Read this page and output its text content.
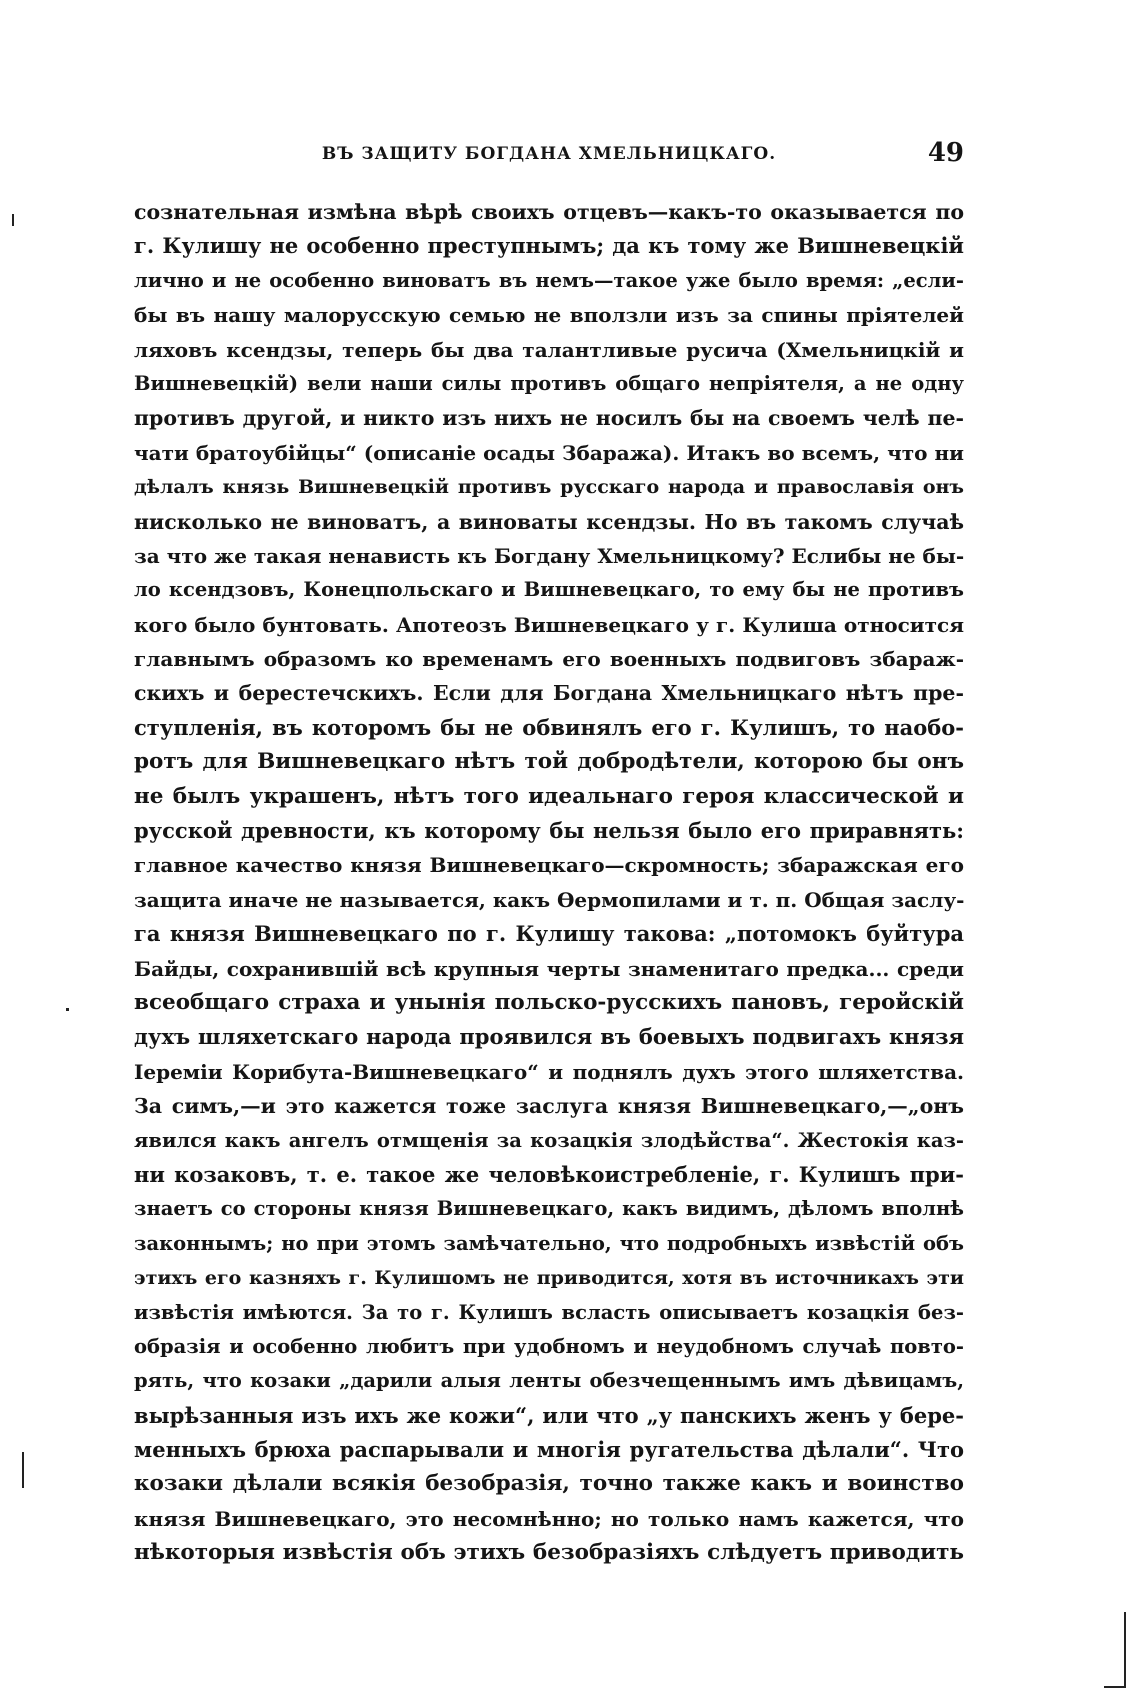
ВЪ ЗАЩИТУ БОГДАНА ХМЕЛЬНИЦКАГО.	49
сознательная измѣна вѣрѣ своихъ отцевъ—какъ-то оказывается по
г. Кулишу не особенно преступнымъ; да къ тому же Вишневецкій
лично и не особенно виноватъ въ немъ—такое уже было время: „если-
бы въ нашу малорусскую семью не вползли изъ за спины пріятелей
ляховъ ксендзы, теперь бы два талантливые русича (Хмельницкій и
Вишневецкій) вели наши силы противъ общаго непріятеля, а не одну
противъ другой, и никто изъ нихъ не носилъ бы на своемъ челѣ пе-
чати братоубійцы“ (описаніе осады Збаража). Итакъ во всемъ, что ни
дѣлалъ князь Вишневецкій противъ русскаго народа и православія онъ
нисколько не виноватъ, а виноваты ксендзы. Но въ такомъ случаѣ
за что же такая ненависть къ Богдану Хмельницкому? Еслибы не бы-
ло ксендзовъ, Конецпольскаго и Вишневецкаго, то ему бы не противъ
кого было бунтовать. Апотеозъ Вишневецкаго у г. Кулиша относится
главнымъ образомъ ко временамъ его военныхъ подвиговъ збараж-
скихъ и берестечскихъ. Если для Богдана Хмельницкаго нѣтъ пре-
ступленія, въ которомъ бы не обвинялъ его г. Кулишъ, то наобо-
ротъ для Вишневецкаго нѣтъ той добродѣтели, которою бы онъ
не былъ украшенъ, нѣтъ того идеальнаго героя классической и
русской древности, къ которому бы нельзя было его приравнять:
главное качество князя Вишневецкаго—скромность; збаражская его
защита иначе не называется, какъ Ѳермопилами и т. п. Общая заслу-
га князя Вишневецкаго по г. Кулишу такова: „потомокъ буйтура
Байды, сохранившій всѣ крупныя черты знаменитаго предка... среди
всеобщаго страха и унынія польско-русскихъ пановъ, геройскій
духъ шляхетскаго народа проявился въ боевыхъ подвигахъ князя
Іереміи Корибута-Вишневецкаго“ и поднялъ духъ этого шляхетства.
За симъ,—и это кажется тоже заслуга князя Вишневецкаго,—„онъ
явился какъ ангелъ отмщенія за козацкія злодѣйства“. Жестокія каз-
ни козаковъ, т. е. такое же человѣкоистребленіе, г. Кулишъ при-
знаетъ со стороны князя Вишневецкаго, какъ видимъ, дѣломъ вполнѣ
законнымъ; но при этомъ замѣчательно, что подробныхъ извѣстій объ
этихъ его казняхъ г. Кулишомъ не приводится, хотя въ источникахъ эти
извѣстія имѣются. За то г. Кулишъ всласть описываетъ козацкія без-
образія и особенно любитъ при удобномъ и неудобномъ случаѣ повто-
рять, что козаки „дарили алыя ленты обезчещеннымъ имъ дѣвицамъ,
вырѣзанныя изъ ихъ же кожи“, или что „у панскихъ женъ у бере-
менныхъ брюха распарывали и многія ругательства дѣлали“. Что
козаки дѣлали всякія безобразія, точно также какъ и воинство
князя Вишневецкаго, это несомнѣнно; но только намъ кажется, что
нѣкоторыя извѣстія объ этихъ безобразіяхъ слѣдуетъ приводить
